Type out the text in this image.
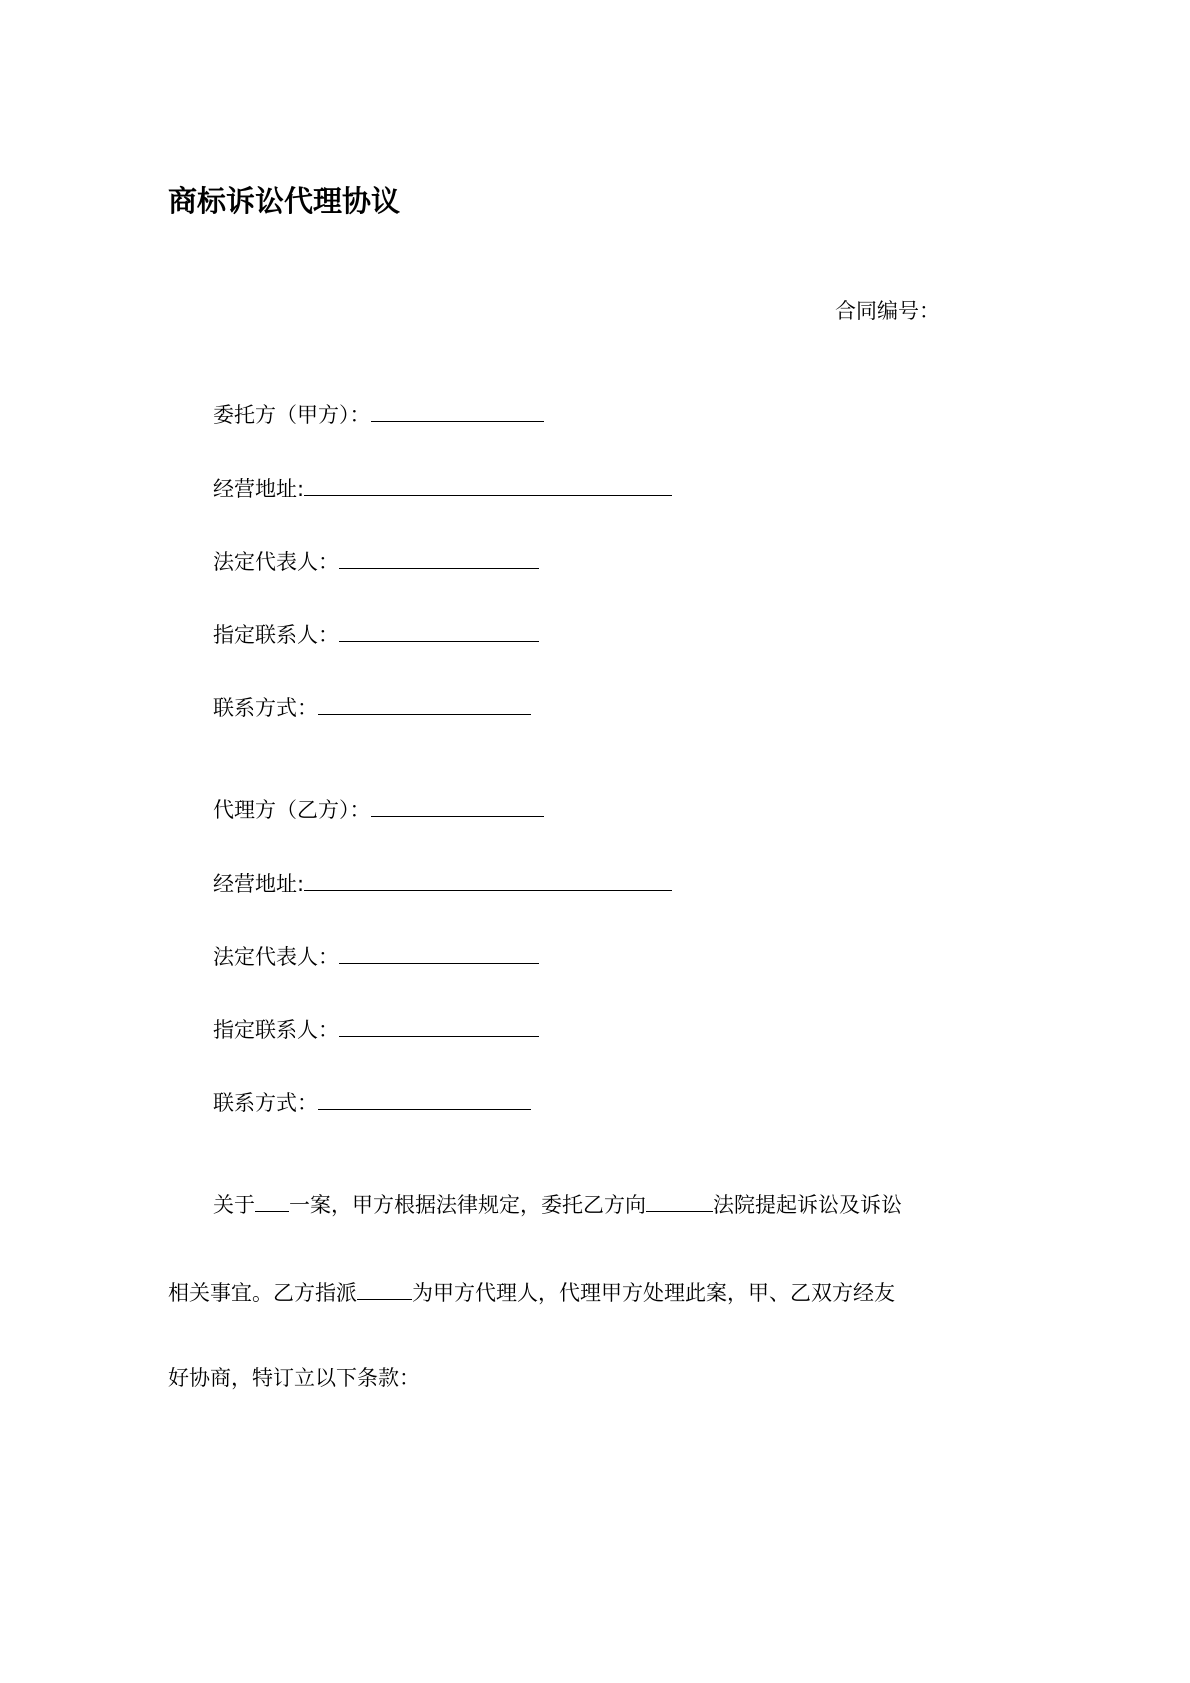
商标诉讼代理协议
合同编号：
委托方（甲方）：
经营地址:
法定代表人：
指定联系人：
联系方式：
代理方（乙方）：
经营地址:
法定代表人：
指定联系人：
联系方式：
关于 一案，甲方根据法律规定，委托乙方向	法院提起诉讼及诉讼
相关事宜。乙方指派	为甲方代理人，代理甲方处理此案，甲、乙双方经友
好协商，特订立以下条款：
